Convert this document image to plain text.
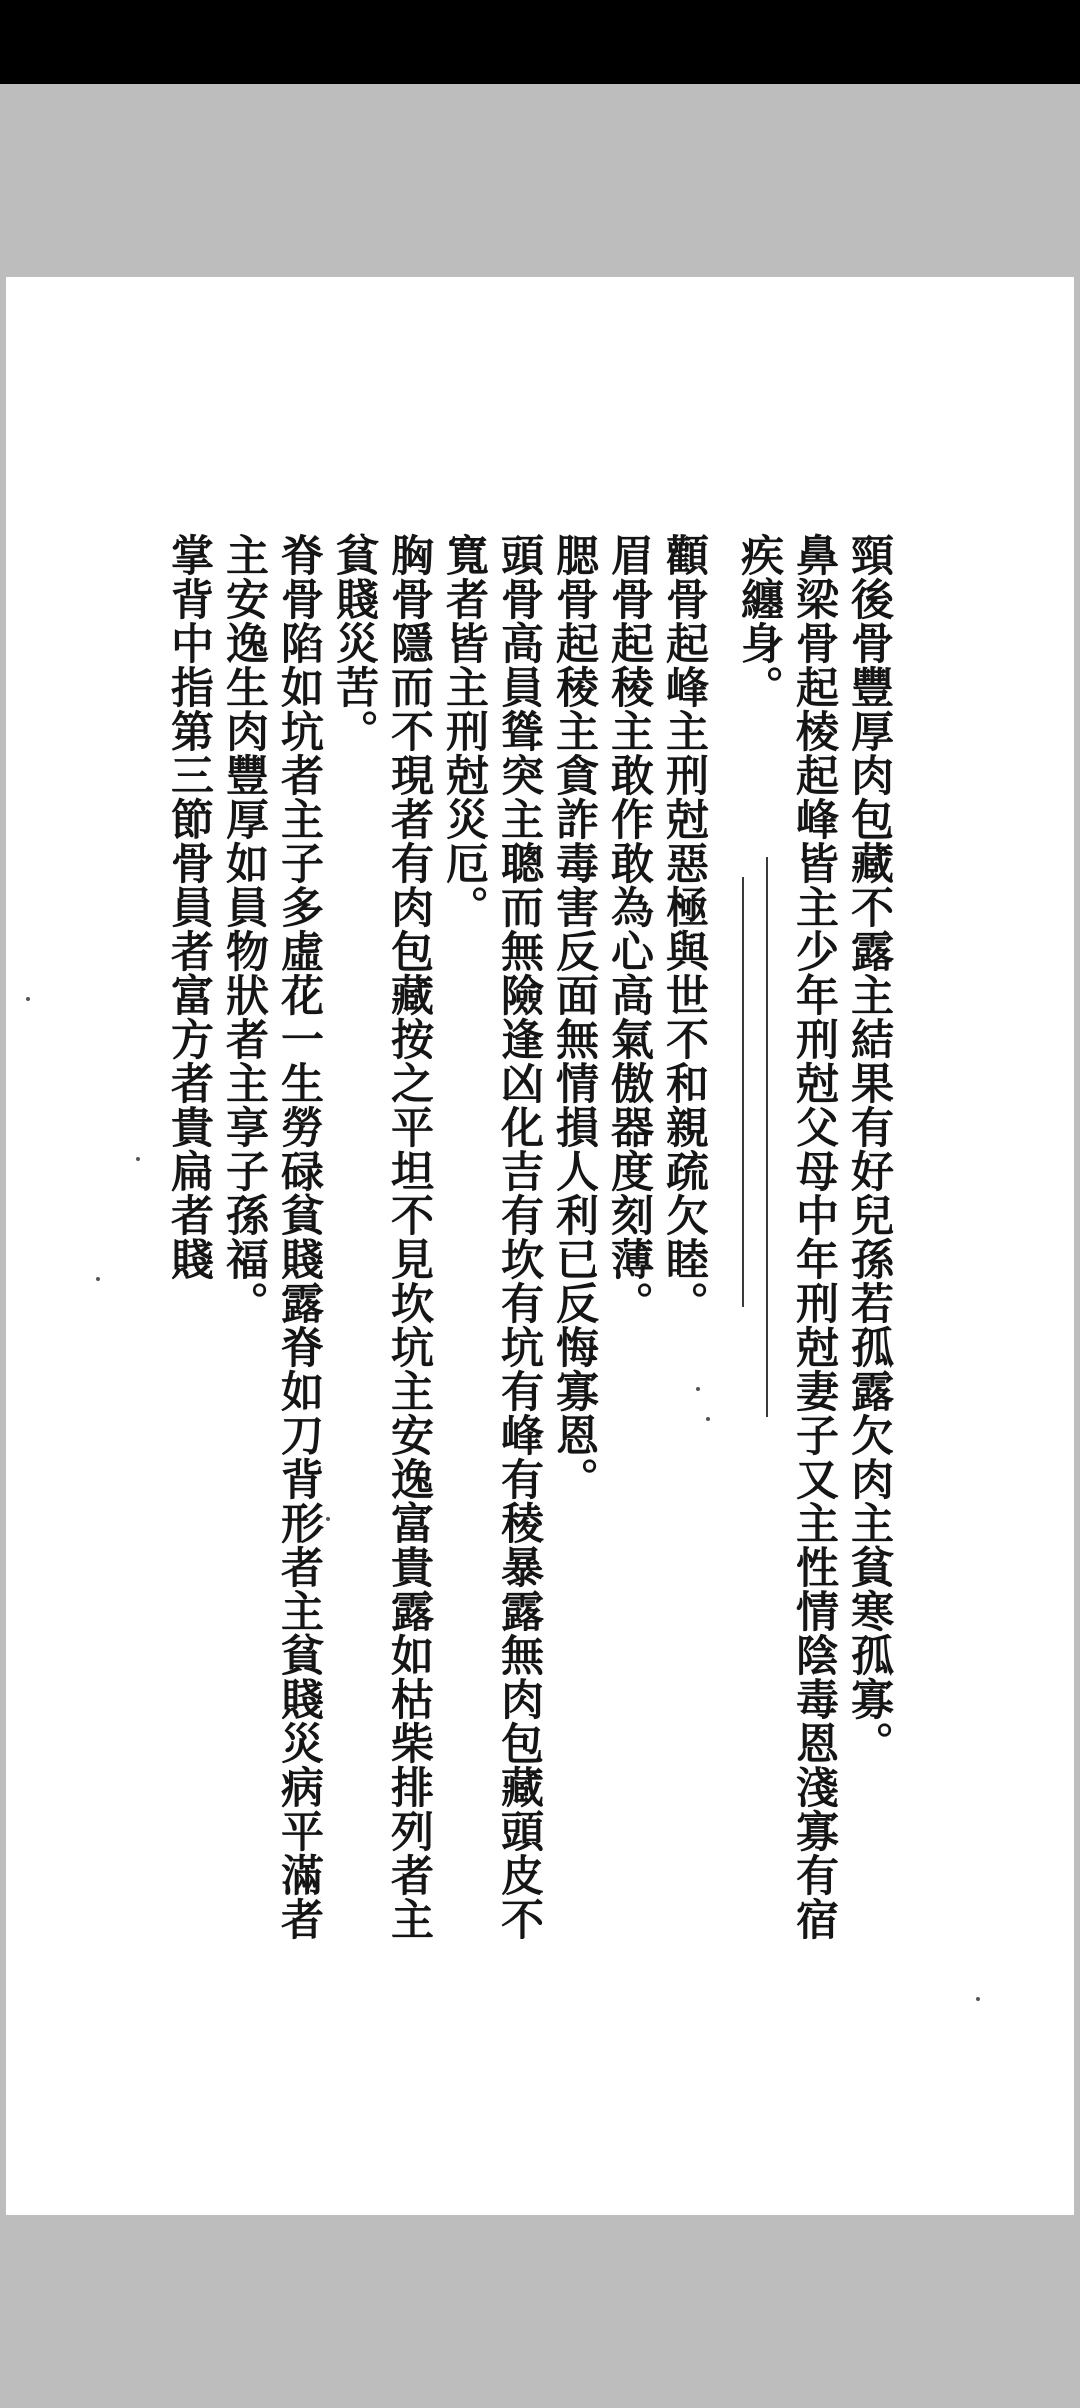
頸後骨豐厚肉包藏不露主結果有好兒孫若孤露欠肉主貧寒孤寡。
鼻梁骨起棱起峰皆主少年刑尅父母中年刑尅妻子又主性情陰毒恩淺寡有宿
疾纏身。
顴骨起峰主刑尅惡極與世不和親疏欠睦。
眉骨起稜主敢作敢為心高氣傲器度刻薄。
腮骨起稜主貪詐毒害反面無情損人利已反悔寡恩。
頭骨高員聳突主聰而無險逢凶化吉有坎有坑有峰有稜暴露無肉包藏頭皮不
寬者皆主刑尅災厄。
胸骨隱而不現者有肉包藏按之平坦不見坎坑主安逸富貴露如枯柴排列者主
貧賤災苦。
脊骨陷如坑者主子多虛花一生勞碌貧賤露脊如刀背形者主貧賤災病平滿者
主安逸生肉豐厚如員物狀者主享子孫福。
掌背中指第三節骨員者富方者貴扁者賤
